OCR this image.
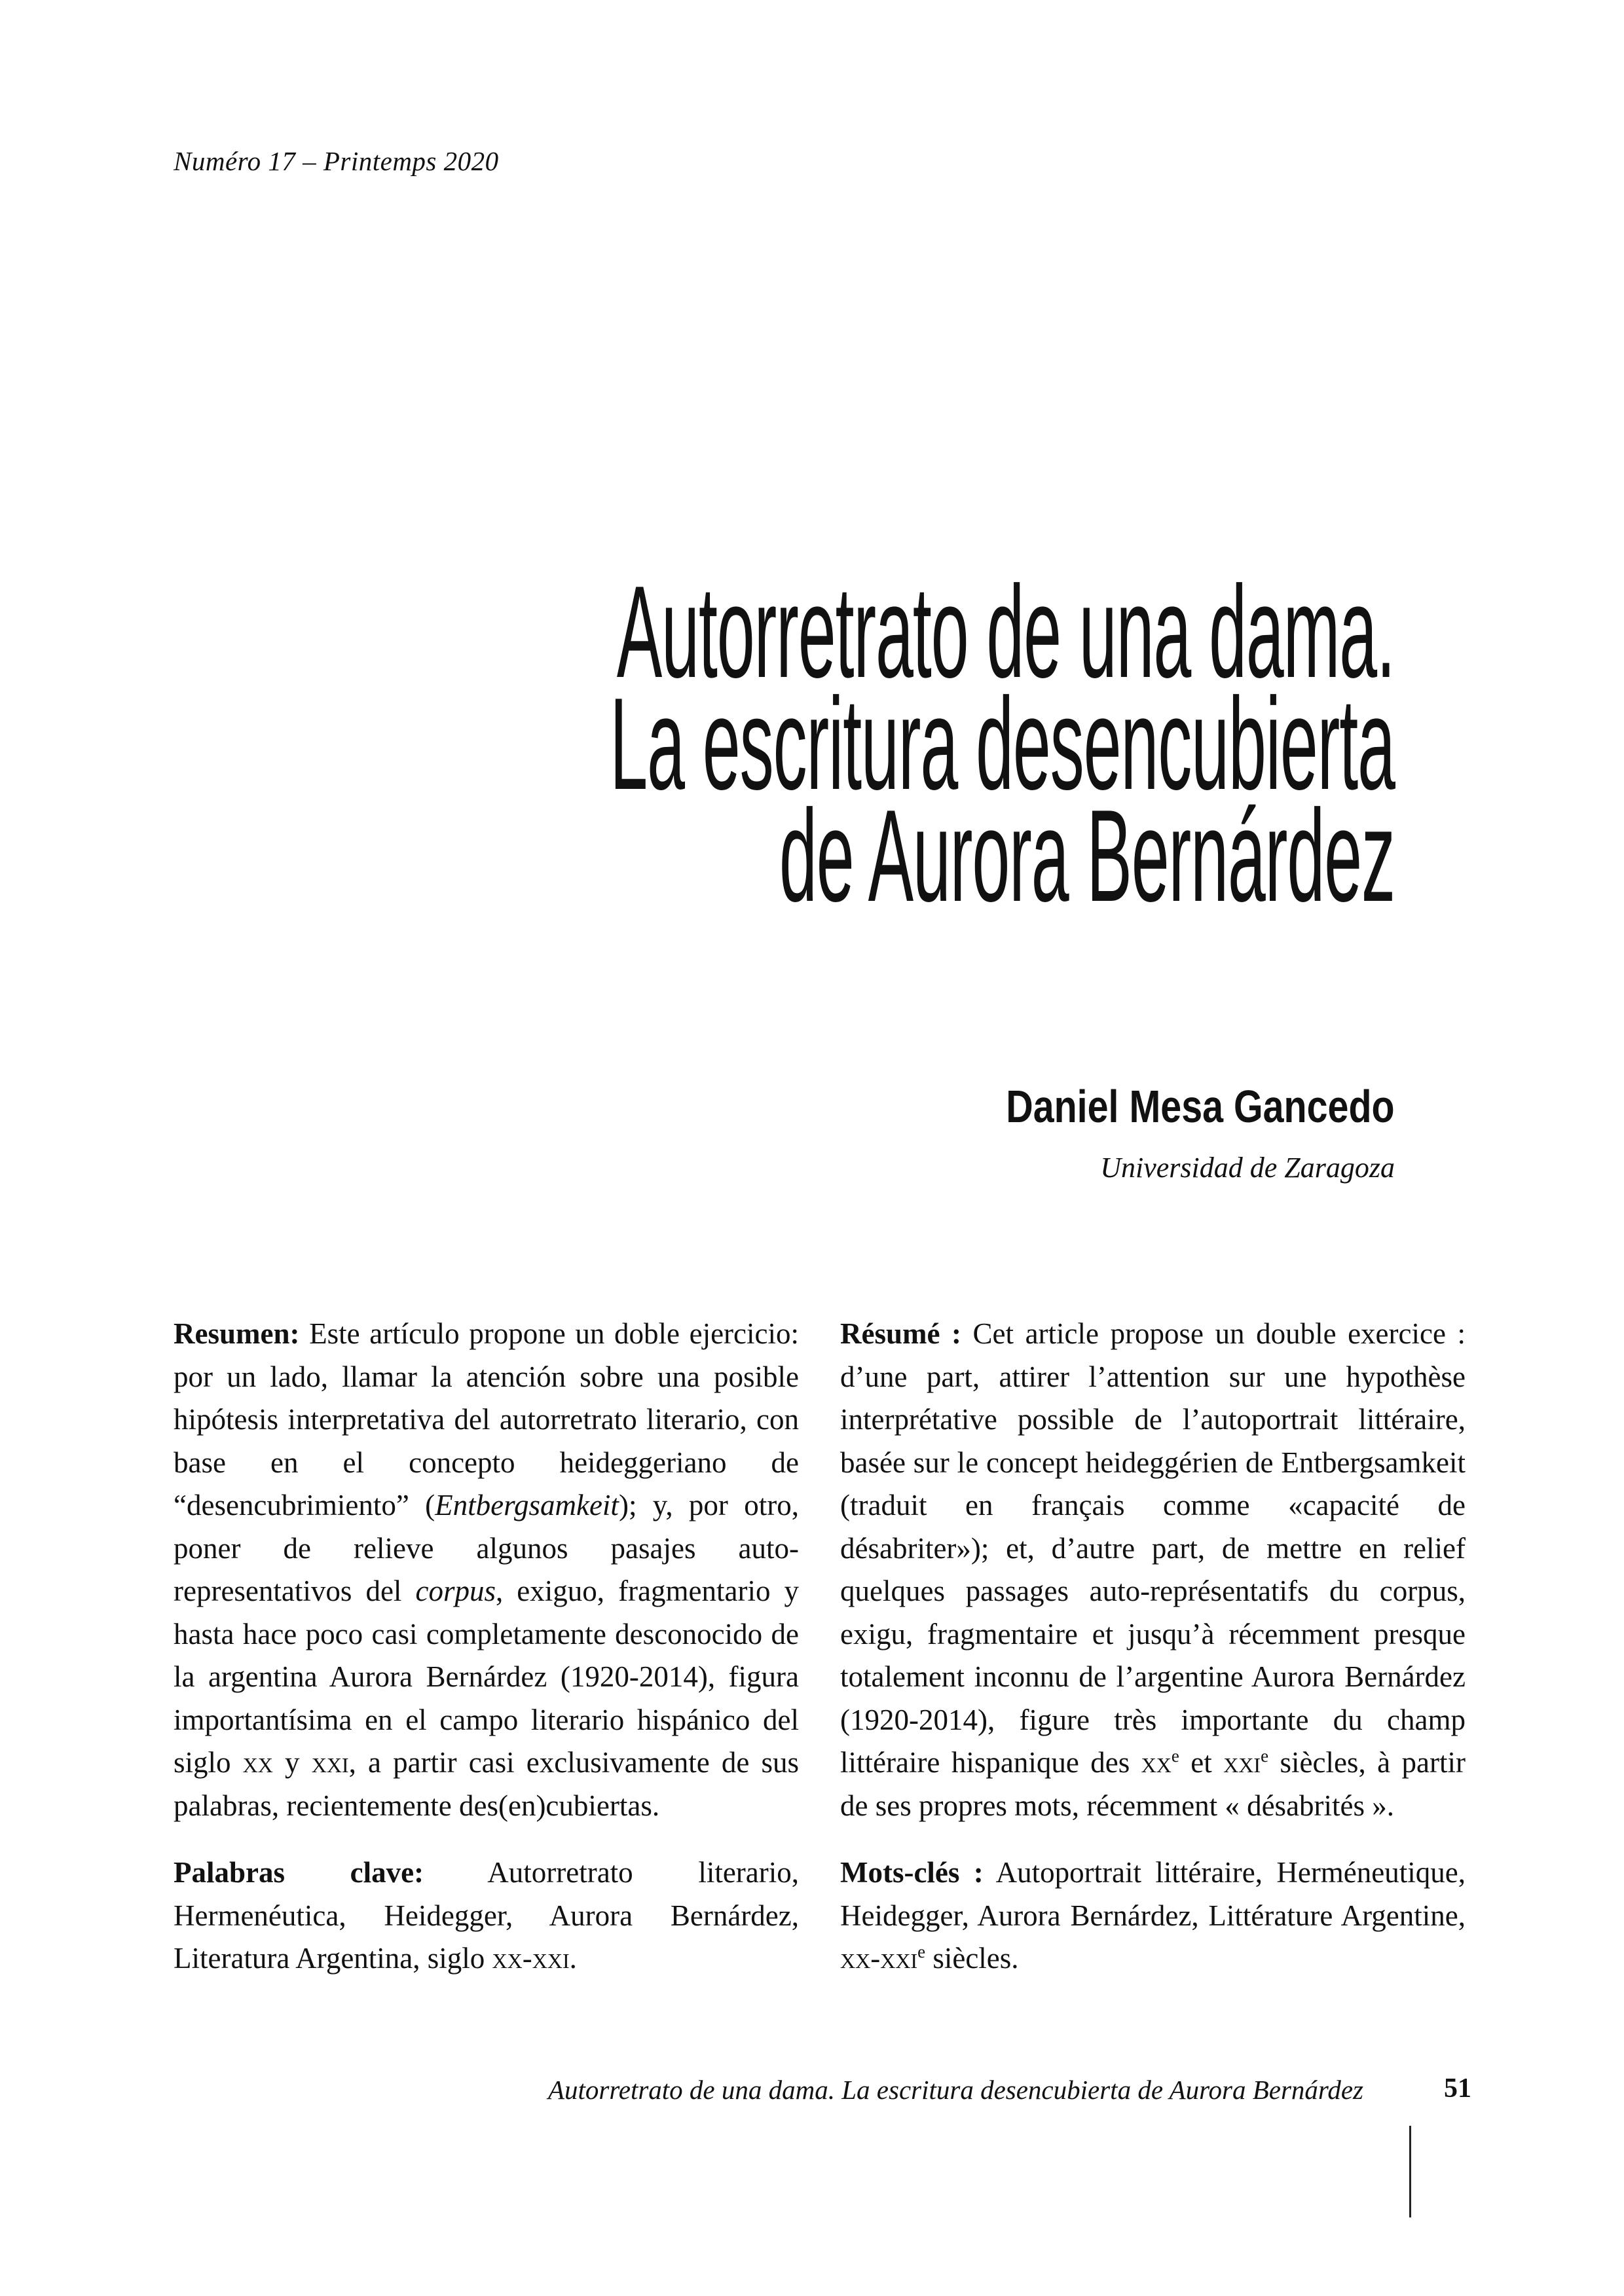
Numéro 17 – Printemps 2020
Autorretrato de una dama.
La escritura desencubierta
de Aurora Bernárdez
Daniel Mesa Gancedo
Universidad de Zaragoza

Resumen: Este artículo propone un doble ejercicio: por un lado, llamar la atención sobre una posible hipótesis interpretativa del autorretrato literario, con base en el concepto heideggeriano de “desencubrimiento” (Entbergsamkeit); y, por otro, poner de relieve algunos pasajes auto-representativos del corpus, exiguo, fragmentario y hasta hace poco casi completamente desconocido de la argentina Aurora Bernárdez (1920-2014), figura importantísima en el campo literario hispánico del siglo xx y xxi, a partir casi exclusivamente de sus palabras, recientemente des(en)cubiertas.

Palabras clave: Autorretrato literario, Hermenéutica, Heidegger, Aurora Bernárdez, Literatura Argentina, siglo xx-xxi.

Résumé : Cet article propose un double exercice : d’une part, attirer l’attention sur une hypothèse interprétative possible de l’autoportrait littéraire, basée sur le concept heideggérien de Entbergsamkeit (traduit en français comme «capacité de désabriter»); et, d’autre part, de mettre en relief quelques passages auto-représentatifs du corpus, exigu, fragmentaire et jusqu’à récemment presque totalement inconnu de l’argentine Aurora Bernárdez (1920-2014), figure très importante du champ littéraire hispanique des $xx^e$ et xxi$^e$ siècles, à partir de ses propres mots, récemment « désabrités ».

Mots-clés : Autoportrait littéraire, Herméneutique, Heidegger, Aurora Bernárdez, Littérature Argentine, xx-xxi$^e$ siècles.

Autorretrato de una dama. La escritura desencubierta de Aurora Bernárdez	51
